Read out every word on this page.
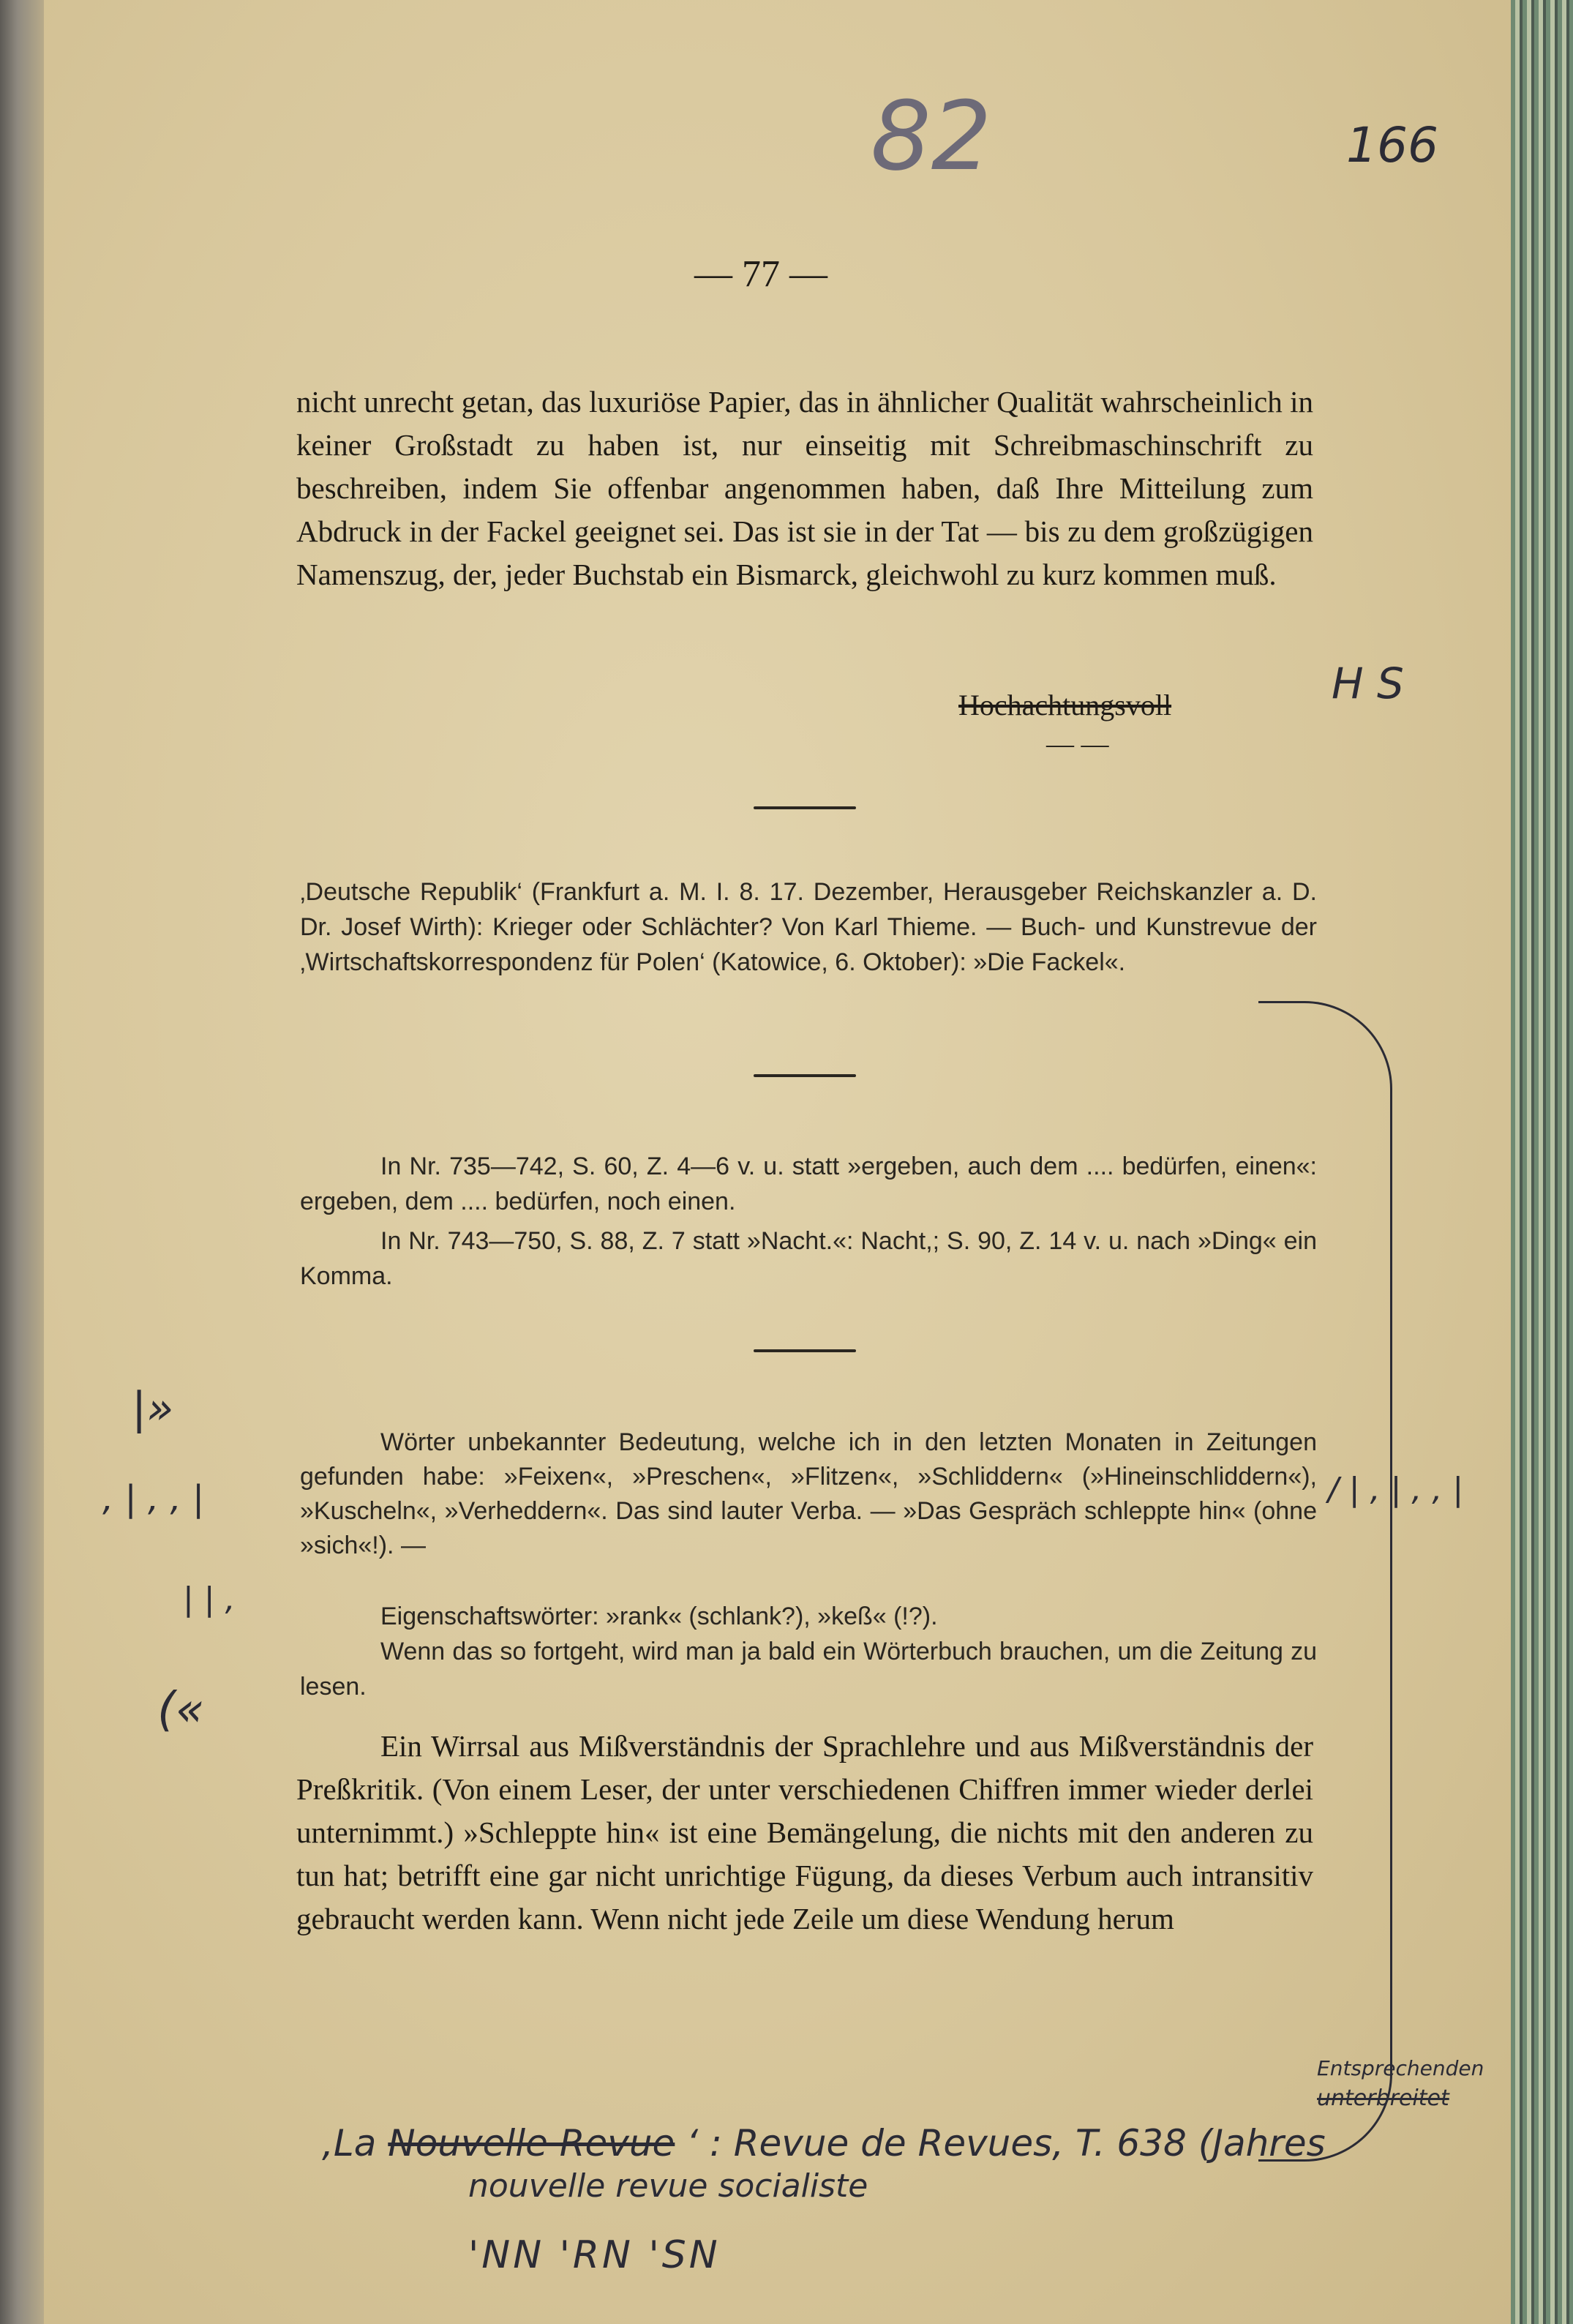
82	166
— 77 —
nicht unrecht getan, das luxuriöse Papier, das in ähnlicher Qualität wahrscheinlich in keiner Großstadt zu haben ist, nur einseitig mit Schreibmaschinschrift zu beschreiben, indem Sie offenbar angenommen haben, daß Ihre Mitteilung zum Abdruck in der Fackel geeignet sei. Das ist sie in der Tat — bis zu dem großzügigen Namenszug, der, jeder Buchstab ein Bismarck, gleichwohl zu kurz kommen muß.
Hochachtungsvoll	H S
— —
‚Deutsche Republik‘ (Frankfurt a. M. I. 8. 17. Dezember, Herausgeber Reichskanzler a. D. Dr. Josef Wirth): Krieger oder Schlächter? Von Karl Thieme. — Buch- und Kunstrevue der ‚Wirtschaftskorrespondenz für Polen‘ (Katowice, 6. Oktober): »Die Fackel«.
In Nr. 735—742, S. 60, Z. 4—6 v. u. statt »ergeben, auch dem .... bedürfen, einen«: ergeben, dem .... bedürfen, noch einen.
In Nr. 743—750, S. 88, Z. 7 statt »Nacht.«: Nacht,; S. 90, Z. 14 v. u. nach »Ding« ein Komma.
Wörter unbekannter Bedeutung, welche ich in den letzten Monaten in Zeitungen gefunden habe: »Feixen«, »Preschen«, »Flitzen«, »Schliddern« (»Hineinschliddern«), »Kuscheln«, »Verheddern«. Das sind lauter Verba. — »Das Gespräch schleppte hin« (ohne »sich«!). —
Eigenschaftswörter: »rank« (schlank?), »keß« (!?).
Wenn das so fortgeht, wird man ja bald ein Wörterbuch brauchen, um die Zeitung zu lesen.
Ein Wirrsal aus Mißverständnis der Sprachlehre und aus Mißverständnis der Preßkritik. (Von einem Leser, der unter verschiedenen Chiffren immer wieder derlei unternimmt.) »Schleppte hin« ist eine Bemängelung, die nichts mit den anderen zu tun hat; betrifft eine gar nicht unrichtige Fügung, da dieses Verbum auch intransitiv gebraucht werden kann. Wenn nicht jede Zeile um diese Wendung herum
|»
‚ | ‚ ‚ |
| | ‚
(«
/ | ‚ | ‚ ‚ |
‚La Nouvelle Revue ‘ : Revue de Revues, T. 638 (Jahres
Entsprechenden
unterbreitet
nouvelle revue socialiste
'NN 'RN 'SN
